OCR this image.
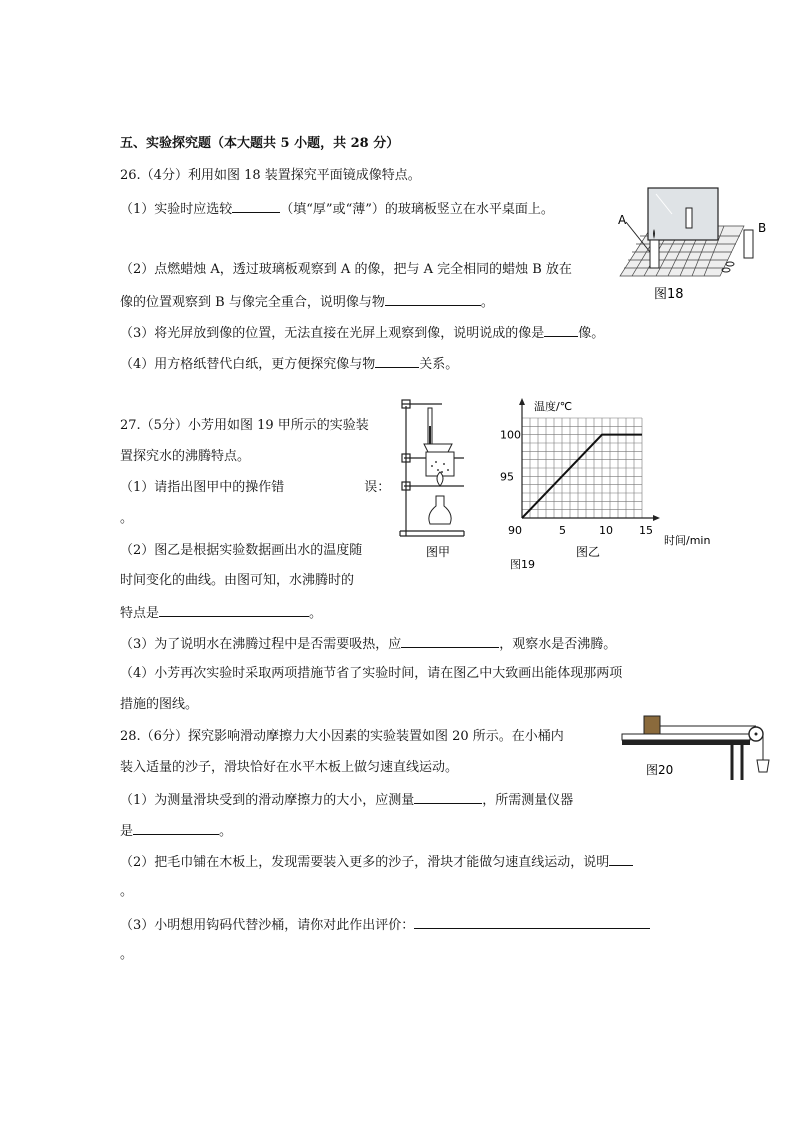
五、实验探究题（本大题共 5 小题，共 28 分）
26.（4分）利用如图 18 装置探究平面镜成像特点。
（1）实验时应选较	（填“厚”或“薄”）的玻璃板竖立在水平桌面上。
（2）点燃蜡烛 A，透过玻璃板观察到 A 的像，把与 A 完全相同的蜡烛 B 放在
像的位置观察到 B 与像完全重合，说明像与物	。
（3）将光屏放到像的位置，无法直接在光屏上观察到像，说明说成的像是	像。
（4）用方格纸替代白纸，更方便探究像与物	关系。
A
B
图18
27.（5分）小芳用如图 19 甲所示的实验装
置探究水的沸腾特点。
（1）请指出图甲中的操作错	误：
。
（2）图乙是根据实验数据画出水的温度随
时间变化的曲线。由图可知，水沸腾时的
特点是	。
（3）为了说明水在沸腾过程中是否需要吸热，应	，观察水是否沸腾。
（4）小芳再次实验时采取两项措施节省了实验时间，请在图乙中大致画出能体现那两项
措施的图线。
图甲
90	5	10 15
95
100
温度/℃
时间/min
图19
图乙
28.（6分）探究影响滑动摩擦力大小因素的实验装置如图 20 所示。在小桶内
装入适量的沙子，滑块恰好在水平木板上做匀速直线运动。
（1）为测量滑块受到的滑动摩擦力的大小，应测量	，所需测量仪器
是	。
（2）把毛巾铺在木板上，发现需要装入更多的沙子，滑块才能做匀速直线运动，说明
。
（3）小明想用钩码代替沙桶，请你对此作出评价：
。
图20
